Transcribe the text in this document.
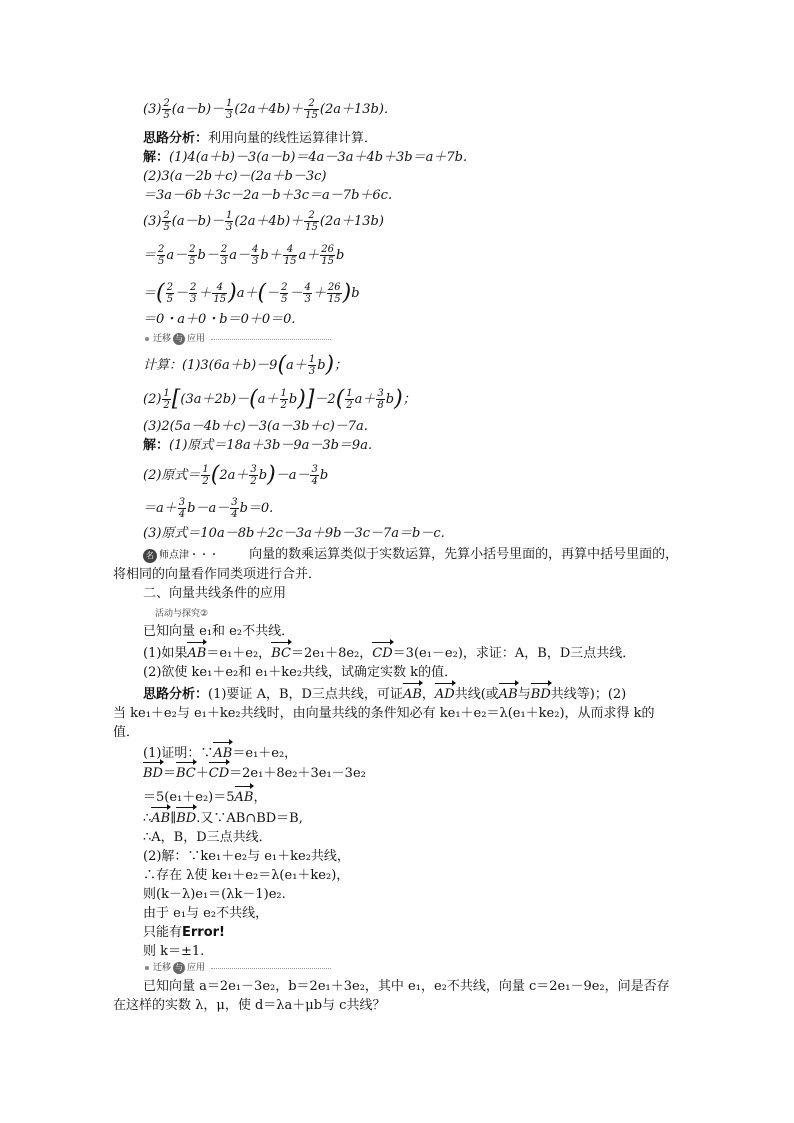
$(3) \frac{2}{5} (a-b)- \frac{1}{3} (2a+4b)+ \frac{2}{15} (2a+13b)$．
思路分析：利用向量的线性运算律计算．
解：(1)4(a＋b)－3(a－b)＝4a－3a＋4b＋3b＝a＋7b.
(2)3(a－2b＋c)－(2a＋b－3c)
＝3a－6b＋3c－2a－b＋3c＝a－7b＋6c.
$(3) \frac{2}{5} (a-b)- \frac{1}{3} (2a+4b)+ \frac{2}{15} (2a+13b)$
＝ $\frac{2}{5} a- \frac{2}{5} b- \frac{2}{3} a- \frac{4}{3} b+ \frac{4}{15} a+ \frac{26}{15}$ b
＝( $\frac{2}{5} - \frac{2}{3} + \frac{4}{15} )a+(- \frac{2}{5} - \frac{4}{3} + \frac{26}{15} )b$
＝0・a＋0・b＝0＋0＝0.
迁移 与 应用
计算：$(1)3(6a+b)-9(a+ \frac{1}{3} b)$；
$(2) \frac{1}{2} [(3a+2b)-(a+ \frac{1}{2} b)]-2( \frac{1}{2} a+ \frac{3}{8} b)$；
(3)2(5a－4b＋c)－3(a－3b＋c)－7a.
解：(1)原式＝18a＋3b－9a－3b＝9a.
(2)原式＝ $\frac{1}{2} (2a+ \frac{3}{2} b)-a- \frac{3}{4}$ b
$=a+ \frac{3}{4} b-a- \frac{3}{4} b=0$.
(3)原式＝10a－8b＋2c－3a＋9b－3c－7a＝b－c.
名 师点津 ・・・ 向量的数乘运算类似于实数运算，先算小括号里面的，再算中括号里面的，
将相同的向量看作同类项进行合并．
二、向量共线条件的应用
活动与探究②
已知向量 e₁和 e₂不共线．
(1)如果AB＝e₁＋e₂，BC＝2e₁＋8e₂，CD＝3(e₁－e₂)，求证：A，B，D三点共线．
(2)欲使 ke₁＋e₂和 e₁＋ke₂共线，试确定实数 k的值．
思路分析：(1)要证 A，B，D三点共线，可证AB，AD共线(或AB与BD共线等)；(2)
当 ke₁＋e₂与 e₁＋ke₂共线时，由向量共线的条件知必有 ke₁＋e₂＝λ(e₁＋ke₂)，从而求得 k的
值．
(1)证明：∵AB＝e₁＋e₂，
BD＝BC＋CD＝2e₁＋8e₂＋3e₁－3e₂
＝5(e₁＋e₂)＝5AB，
∴AB∥BD.又∵AB∩BD＝B,
∴A，B，D三点共线．
(2)解：∵ke₁＋e₂与 e₁＋ke₂共线，
∴存在 λ使 ke₁＋e₂＝λ(e₁＋ke₂)，
则(k－λ)e₁＝(λk－1)e₂.
由于 e₁与 e₂不共线，
只能有Error!
则 k＝±1.
迁移 与 应用
已知向量 a＝2e₁－3e₂，b＝2e₁＋3e₂，其中 e₁，e₂不共线，向量 c＝2e₁－9e₂，问是否存
在这样的实数 λ，μ，使 d＝λa＋μb与 c共线？
